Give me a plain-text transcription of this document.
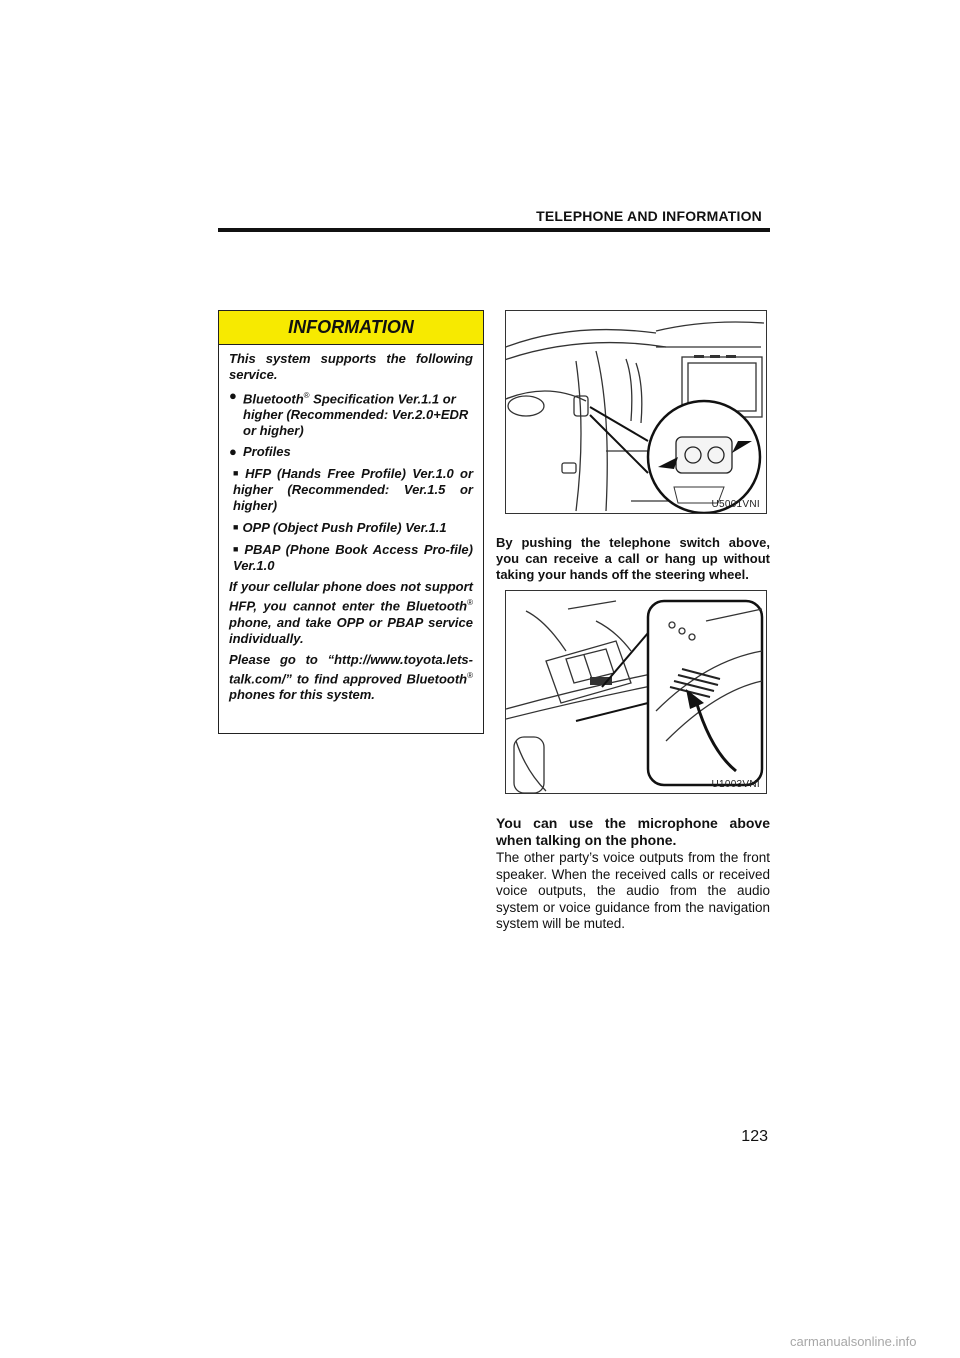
TELEPHONE AND INFORMATION
INFORMATION

This system supports the following service.

● Bluetooth® Specification Ver.1.1 or higher (Recommended: Ver.2.0+EDR or higher)
● Profiles
■ HFP (Hands Free Profile) Ver.1.0 or higher (Recommended: Ver.1.5 or higher)
■ OPP (Object Push Profile) Ver.1.1
■ PBAP (Phone Book Access Pro-file) Ver.1.0

If your cellular phone does not support HFP, you cannot enter the Bluetooth® phone, and take OPP or PBAP service individually.

Please go to “http://www.toyota.lets-talk.com/” to find approved Bluetooth® phones for this system.

U5001VNI
By pushing the telephone switch above, you can receive a call or hang up without taking your hands off the steering wheel.
U1003VNI
You can use the microphone above when talking on the phone.
The other party’s voice outputs from the front speaker. When the received calls or received voice outputs, the audio from the audio system or voice guidance from the navigation system will be muted.
123
carmanualsonline.info
